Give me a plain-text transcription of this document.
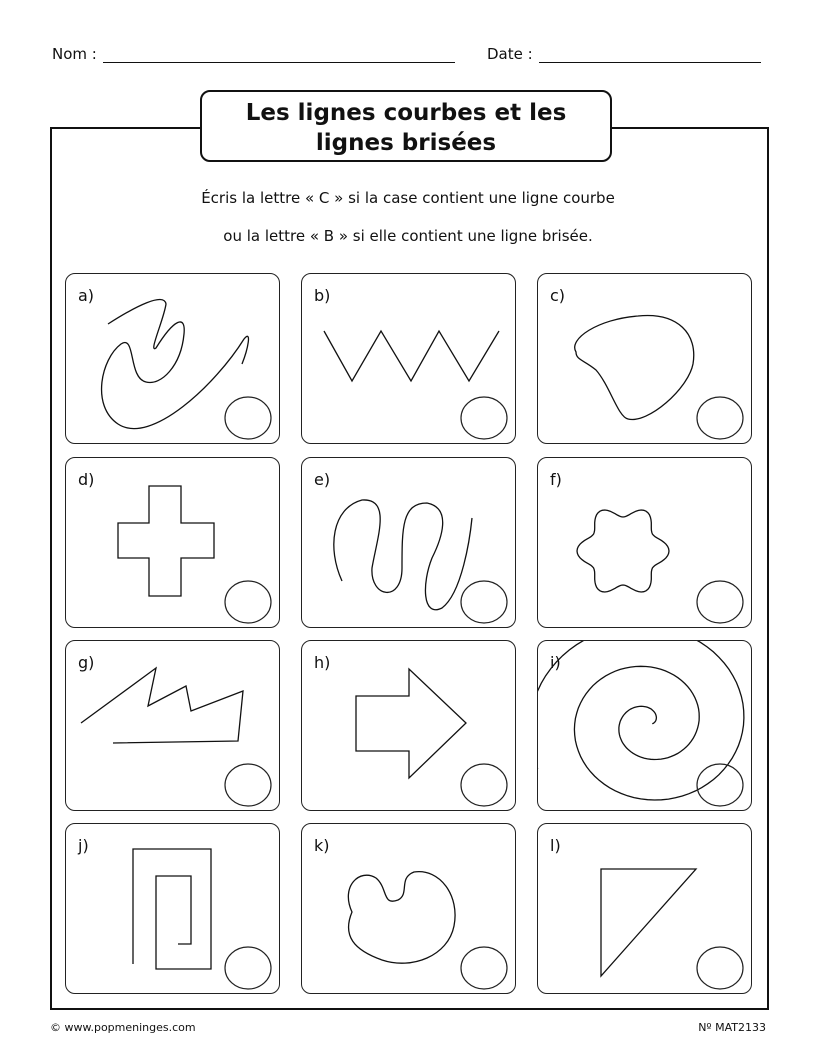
Nom :	Date :
Les lignes courbes et les
lignes brisées
Écris la lettre « C » si la case contient une ligne courbe
ou la lettre « B » si elle contient une ligne brisée.
a)	b)	c)
d)	e)	f)
g)	h)	i)
j)	k)	l)
© www.popmeninges.com	Nº MAT2133
